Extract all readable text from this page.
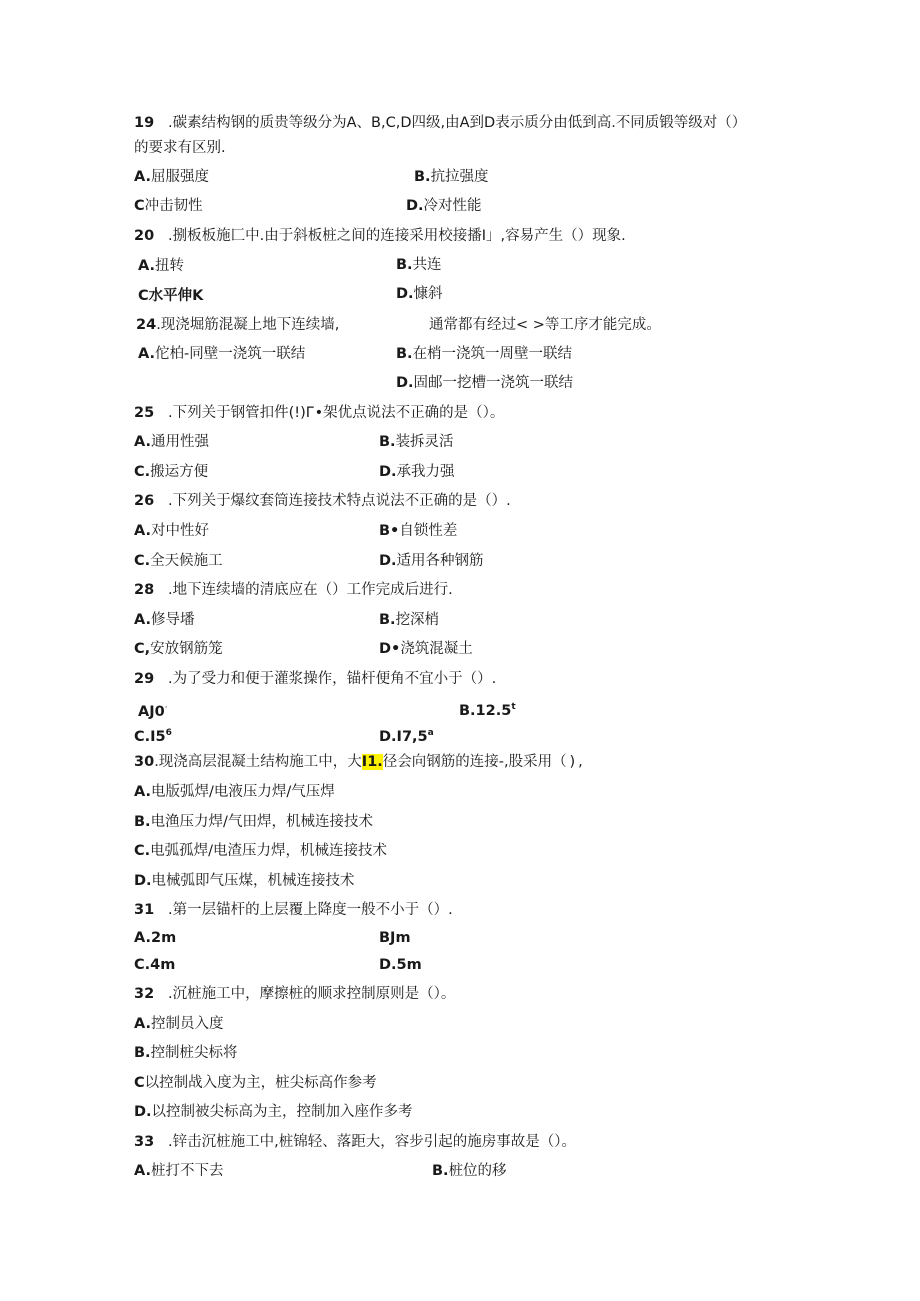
19 .碳素结构钢的质贵等级分为A、B,C,D四级,由A到D表示质分由低到高.不同质锻等级对（）
的要求有区别.
A.屈服强度	B.抗拉强度
C冲击韧性	D.冷对性能
20 .捌板板施匚中.由于斜板桩之间的连接采用校接播I」,容易产生（）现象.
A.扭转	B.共连
C水平伸K	D.慷斜
24.现浇堀筋混凝上地下连续墙,	通常都有经过< >等工序才能完成。
A.佗柏-同壁一浇筑一联结	B.在梢一浇筑一周壁一联结
D.固邮一挖槽一浇筑一联结
25 .下列关于钢管扣件(!)Г•架优点说法不正确的是（）。
A.通用性强	B.装拆灵活
C.搬运方便	D.承我力强
26 .下列关于爆纹套筒连接技术特点说法不正确的是（）.
A.对中性好	B•自锁性差
C.全天候施工	D.适用各种钢筋
28 .地下连续墙的清底应在（）工作完成后进行.
A.修导墦	B.挖深梢
C,安放钢筋笼	D•浇筑混凝土
29 .为了受力和便于灌浆操作，锚杆便角不宜小于（）.
AJ0·	B.12.5$^t$
$C.I5^6$	D.I7,5$^a$
30.现浇高层混凝土结构施工中，大I1.径会向钢筋的连接-,股采用（ ) ,
A.电版弧焊/电液压力焊/气压焊
B.电渔压力焊/气田焊，机械连接技术
C.电弧孤焊/电渣压力焊，机械连接技术
D.电械弧即气压煤，机械连接技术
31 .第一层锚杆的上层覆上降度一般不小于（）.
A.2m	BJm
C.4m	D.5m
32 .沉桩施工中，摩擦桩的顺求控制原则是（）。
A.控制员入度
B.控制桩尖标将
C以控制战入度为主，桩尖标高作参考
D.以控制被尖标高为主，控制加入座作多考
33 .锌击沉桩施工中,桩锦轻、落距大，容步引起的施房事故是（）。
A.桩打不下去	B.桩位的移
